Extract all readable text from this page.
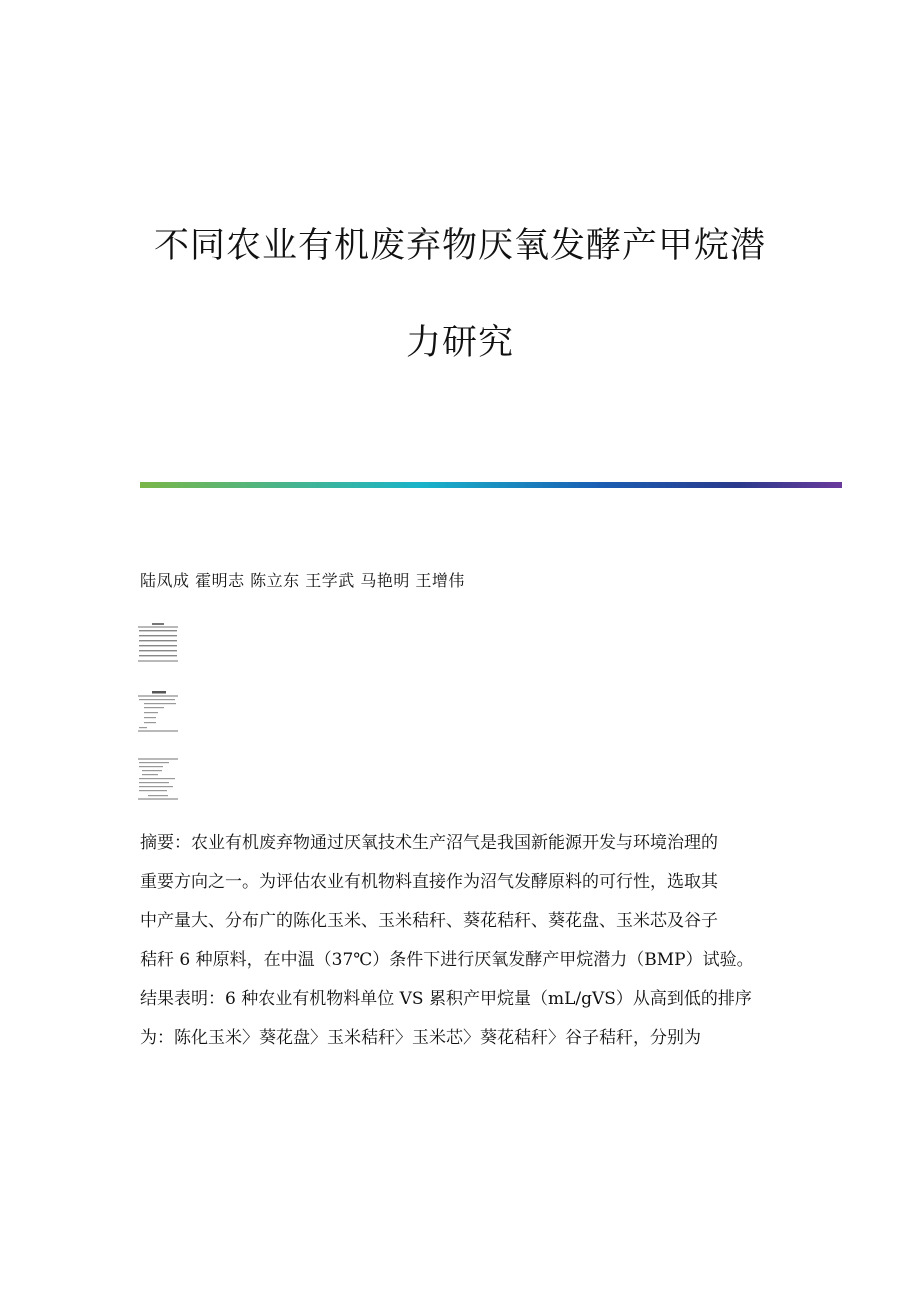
不同农业有机废弃物厌氧发酵产甲烷潜
力研究
陆凤成 霍明志 陈立东 王学武 马艳明 王增伟

摘要：农业有机废弃物通过厌氧技术生产沼气是我国新能源开发与环境治理的
重要方向之一。为评估农业有机物料直接作为沼气发酵原料的可行性，选取其
中产量大、分布广的陈化玉米、玉米秸秆、葵花秸秆、葵花盘、玉米芯及谷子
秸秆 6 种原料，在中温（37℃）条件下进行厌氧发酵产甲烷潜力（BMP）试验。
结果表明：6 种农业有机物料单位 VS 累积产甲烷量（mL/gVS）从高到低的排序
为：陈化玉米〉葵花盘〉玉米秸秆〉玉米芯〉葵花秸秆〉谷子秸秆，分别为
